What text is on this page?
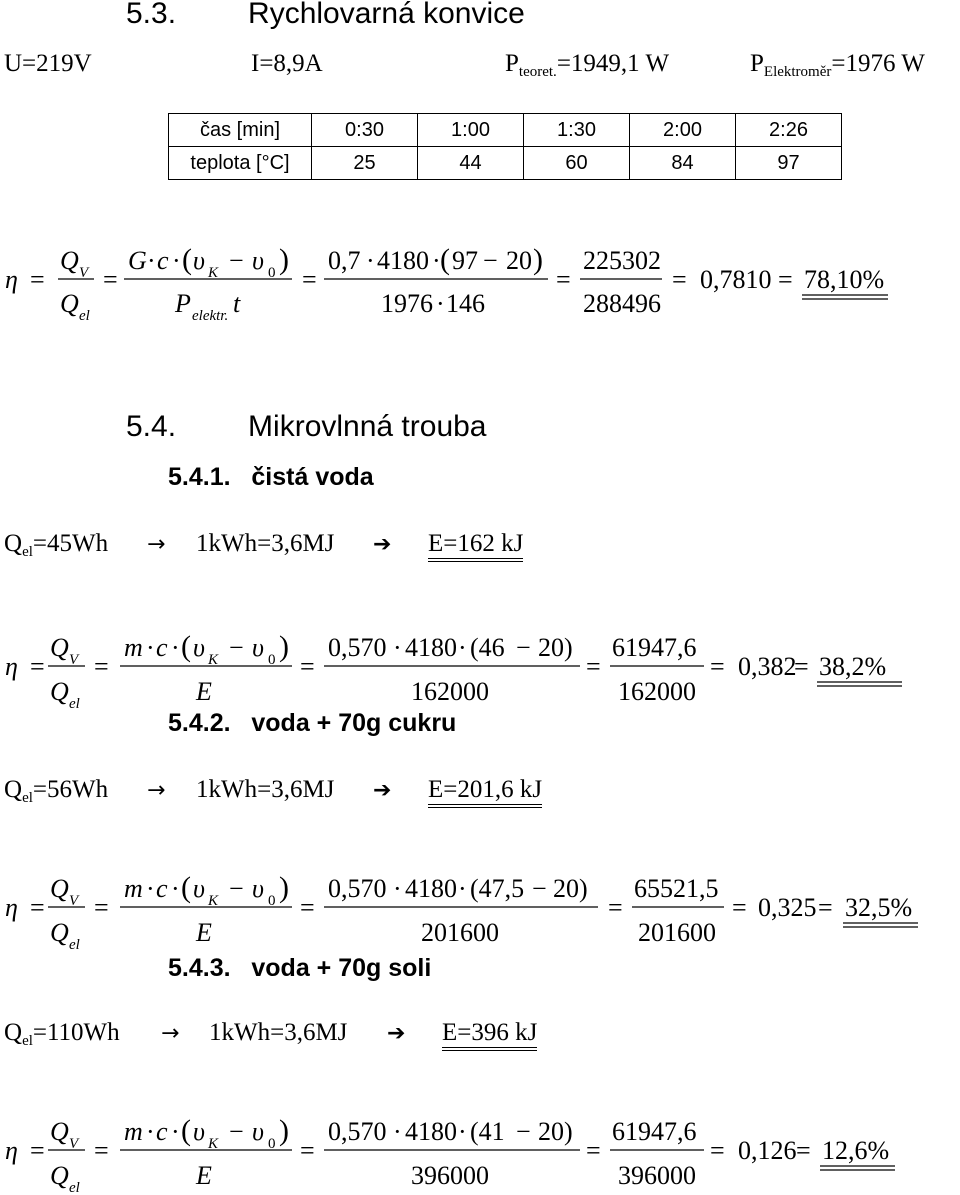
5.3. Rychlovarná konvice
U=219V	I=8,9A	$P_{teoret.}=1949,1$ W	$P_{Elektroměr}=1976$ W
čas [min]	0:30	1:00	1:30	2:00	2:26
teplota [°C]	25	44	60	84	97
η =
Q V
Q el
=
G · c · ( υ K − υ 0 )
P elektr. t
=
0,7 · 4180 · ( 97 − 20 )
1976 · 146
=
225302
288496
= 0,7810 = 78,10%
5.4. Mikrovlnná trouba
5.4.1.   čistá voda
$Q_{el}=45Wh \to 1kWh=3,6MJ$ ➔ E=162 kJ
η =
Q V
Q el
=
m · c · ( υ K − υ 0 )
E
=
0,570 · 4180 · (46 − 20)
162000
=
61947,6
162000
= 0,382
= 38,2%
5.4.2.   voda + 70g cukru
$Q_{el}=56Wh \to 1kWh=3,6MJ$ ➔ E=201,6 kJ
η =
Q V
Q el
=
m · c · ( υ K − υ 0 )
E
=
0,570 · 4180 · (47,5 − 20)
201600
=
65521,5
201600
= 0,325 = 32,5%
5.4.3.   voda + 70g soli
$Q_{el}=110Wh \to 1kWh=3,6MJ$ ➔ E=396 kJ
η =
Q V
Q el
=
m · c · ( υ K − υ 0 )
E
=
0,570 · 4180 · (41 − 20)
396000
=
61947,6
396000
= 0,126 = 12,6%
